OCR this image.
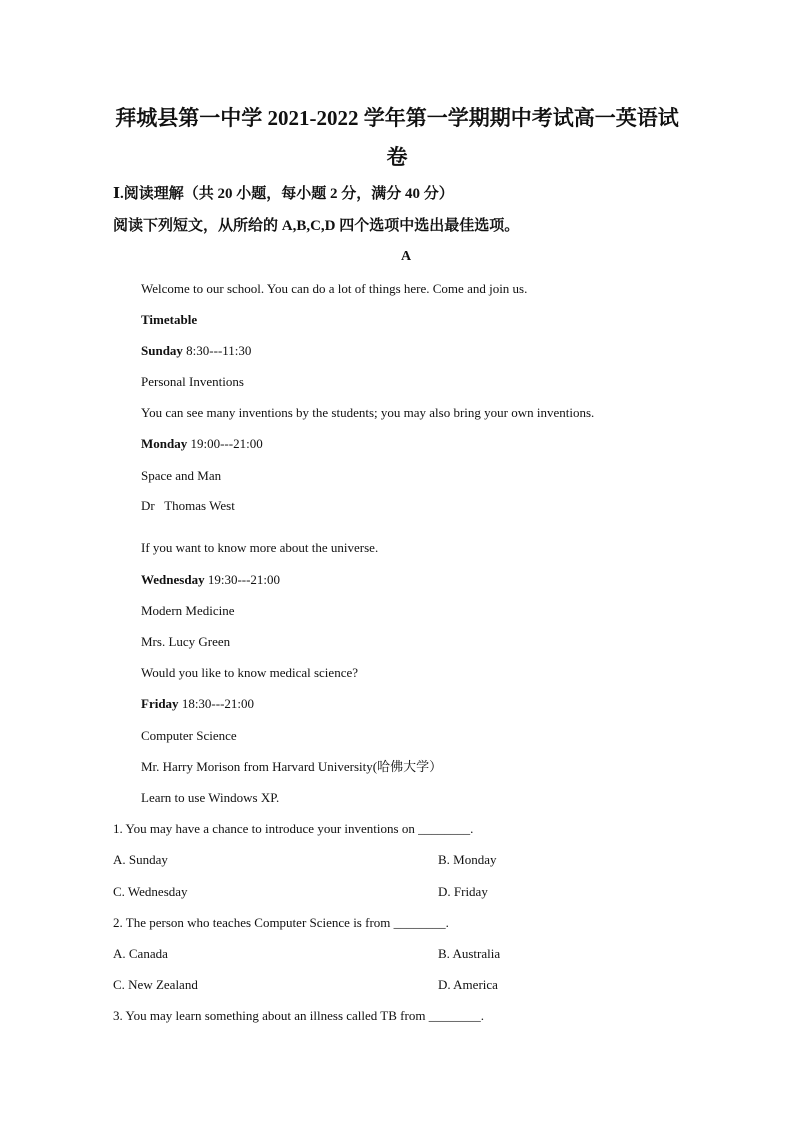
拜城县第一中学 2021-2022 学年第一学期期中考试高一英语试
卷
Ⅰ.阅读理解（共 20 小题，每小题 2 分，满分 40 分）
阅读下列短文，从所给的 A,B,C,D 四个选项中选出最佳选项。
A
Welcome to our school. You can do a lot of things here. Come and join us.
Timetable
Sunday 8:30---11:30
Personal Inventions
You can see many inventions by the students; you may also bring your own inventions.
Monday 19:00---21:00
Space and Man
Dr   Thomas West
If you want to know more about the universe.
Wednesday 19:30---21:00
Modern Medicine
Mrs. Lucy Green
Would you like to know medical science?
Friday 18:30---21:00
Computer Science
Mr. Harry Morison from Harvard University(哈佛大学）
Learn to use Windows XP.
1. You may have a chance to introduce your inventions on ________.
A. Sunday	B. Monday
C. Wednesday	D. Friday
2. The person who teaches Computer Science is from ________.
A. Canada	B. Australia
C. New Zealand	D. America
3. You may learn something about an illness called TB from ________.
